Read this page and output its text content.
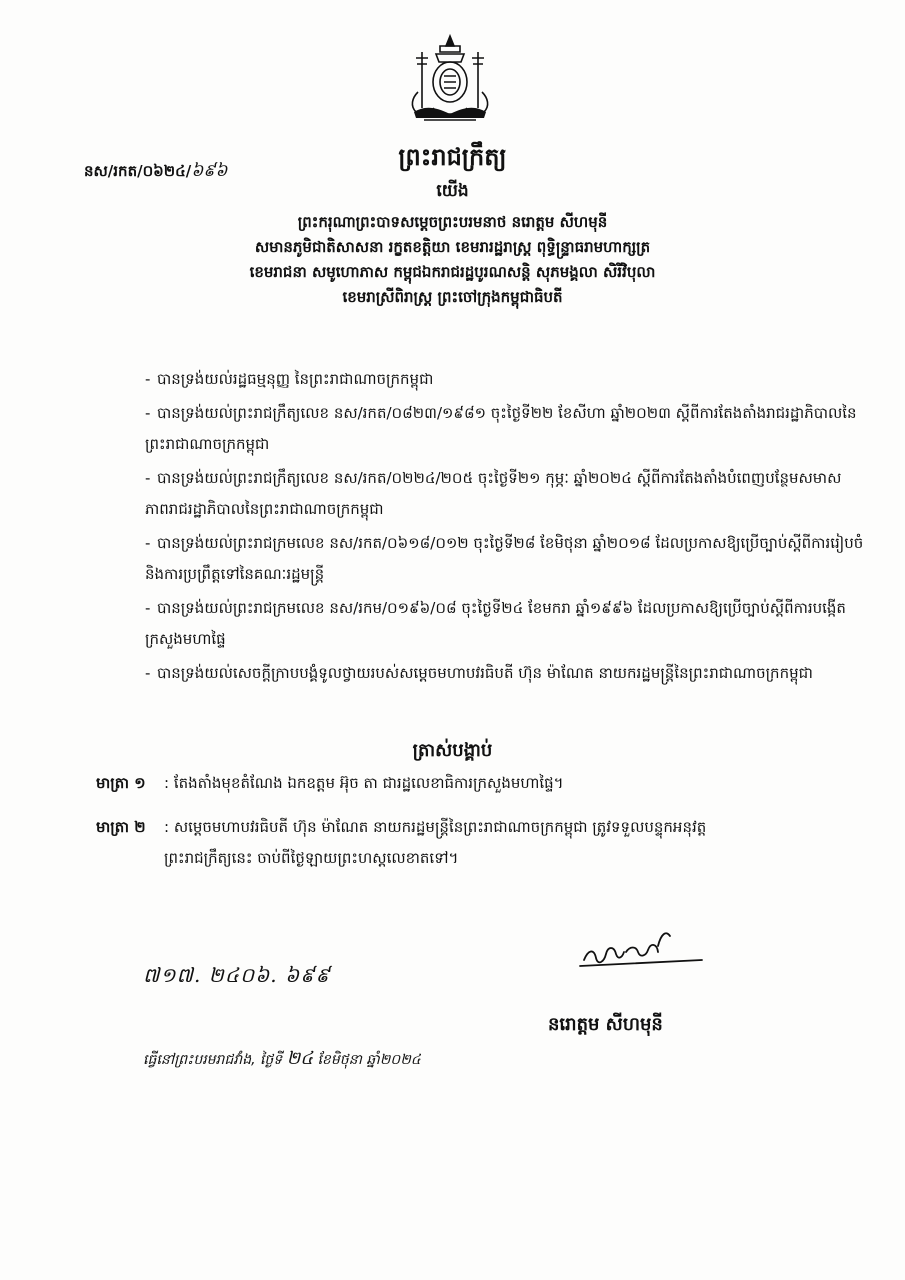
នស/រកត/០៦២៤/៦៩៦	ព្រះរាជក្រឹត្យ
យើង
ព្រះករុណាព្រះបាទសម្តេចព្រះបរមនាថ នរោត្តម សីហមុនី
សមានភូមិជាតិសាសនា រក្ខតខត្តិយា ខេមរារដ្ឋរាស្ត្រ ពុទ្ធិន្ទ្រាធរាមហាក្សត្រ
ខេមរាជនា សមូហោភាស កម្ពុជឯករាជរដ្ឋបូរណសន្តិ សុភមង្គលា សិរីវិបុលា
ខេមរាស្រីពិរាស្ត្រ ព្រះចៅក្រុងកម្ពុជាធិបតី
- បានទ្រង់យល់រដ្ឋធម្មនុញ្ញ នៃព្រះរាជាណាចក្រកម្ពុជា
- បានទ្រង់យល់ព្រះរាជក្រឹត្យលេខ នស/រកត/០៨២៣/១៩៨១ ចុះថ្ងៃទី២២ ខែសីហា ឆ្នាំ២០២៣ ស្តីពីការតែងតាំងរាជរដ្ឋាភិបាលនៃព្រះរាជាណាចក្រកម្ពុជា
- បានទ្រង់យល់ព្រះរាជក្រឹត្យលេខ នស/រកត/០២២៤/២០៥ ចុះថ្ងៃទី២១ កុម្ភៈ ឆ្នាំ២០២៤ ស្តីពីការតែងតាំងបំពេញបន្ថែមសមាសភាពរាជរដ្ឋាភិបាលនៃព្រះរាជាណាចក្រកម្ពុជា
- បានទ្រង់យល់ព្រះរាជក្រមលេខ នស/រកត/០៦១៨/០១២ ចុះថ្ងៃទី២៨ ខែមិថុនា ឆ្នាំ២០១៨ ដែលប្រកាសឱ្យប្រើច្បាប់ស្តីពីការរៀបចំ និងការប្រព្រឹត្តទៅនៃគណៈរដ្ឋមន្ត្រី
- បានទ្រង់យល់ព្រះរាជក្រមលេខ នស/រកម/០១៩៦/០៨ ចុះថ្ងៃទី២៤ ខែមករា ឆ្នាំ១៩៩៦ ដែលប្រកាសឱ្យប្រើច្បាប់ស្តីពីការបង្កើតក្រសួងមហាផ្ទៃ
- បានទ្រង់យល់សេចក្តីក្រាបបង្គំទូលថ្វាយរបស់សម្តេចមហាបវរធិបតី ហ៊ុន ម៉ាណែត នាយករដ្ឋមន្ត្រីនៃព្រះរាជាណាចក្រកម្ពុជា
ត្រាស់បង្គាប់
មាត្រា ១ : តែងតាំងមុខតំណែង ឯកឧត្តម អ៊ុច តា ជារដ្ឋលេខាធិការក្រសួងមហាផ្ទៃ។
មាត្រា ២ : សម្តេចមហាបវរធិបតី ហ៊ុន ម៉ាណែត នាយករដ្ឋមន្ត្រីនៃព្រះរាជាណាចក្រកម្ពុជា ត្រូវទទួលបន្ទុកអនុវត្ត
ព្រះរាជក្រឹត្យនេះ ចាប់ពីថ្ងៃឡាយព្រះហស្តលេខាតទៅ។
៧១៧. ២៤០៦. ៦៩៩
នរោត្តម សីហមុនី
ធ្វើនៅព្រះបរមរាជវាំង, ថ្ងៃទី ២៤ ខែមិថុនា ឆ្នាំ២០២៤
